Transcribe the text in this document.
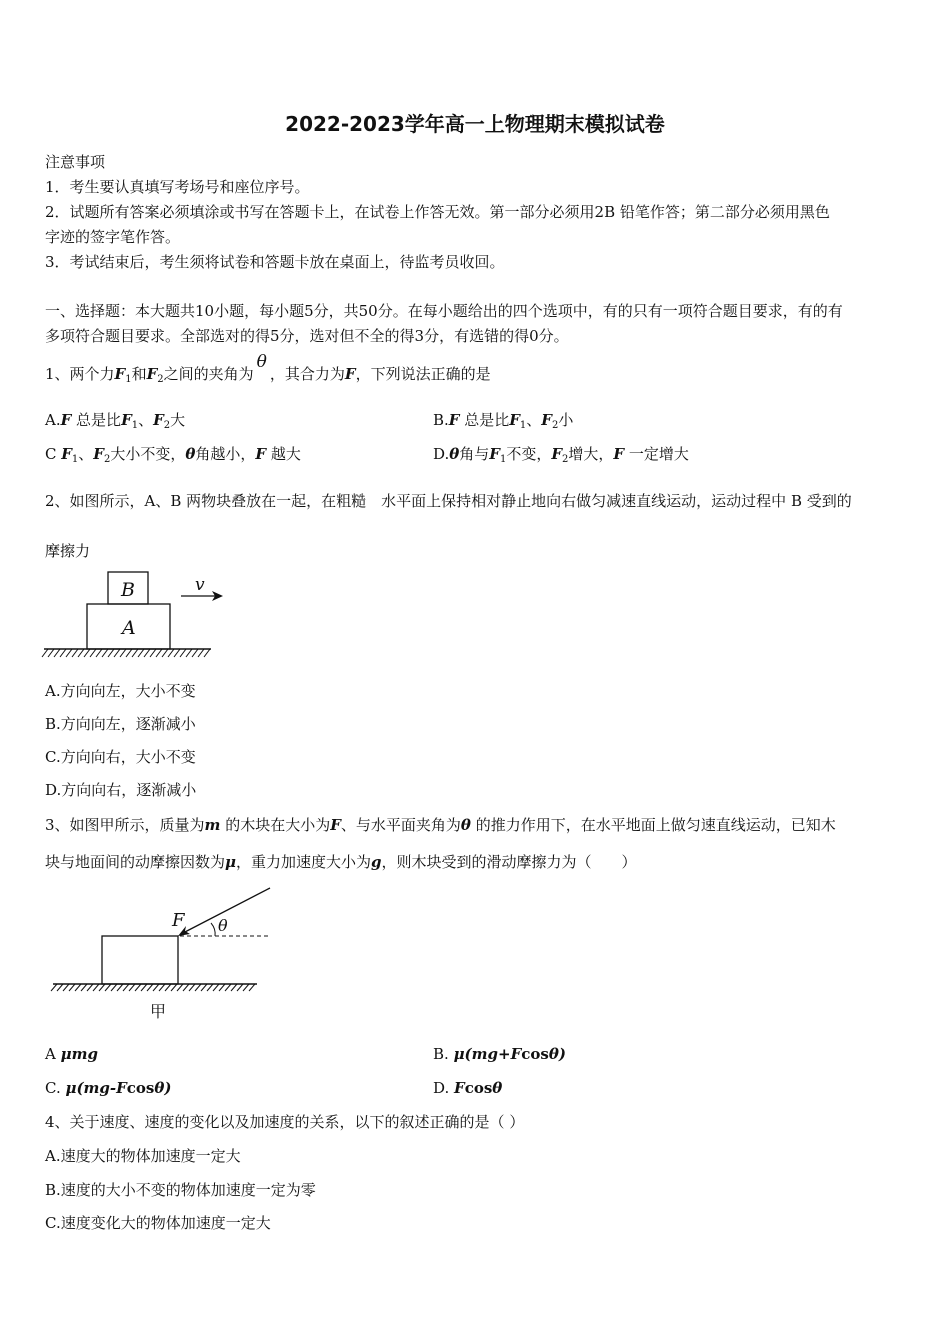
2022-2023学年高一上物理期末模拟试卷
注意事项
1．考生要认真填写考场号和座位序号。
2．试题所有答案必须填涂或书写在答题卡上，在试卷上作答无效。第一部分必须用2B 铅笔作答；第二部分必须用黑色
字迹的签字笔作答。
3．考试结束后，考生须将试卷和答题卡放在桌面上，待监考员收回。
一、选择题：本大题共10小题，每小题5分，共50分。在每小题给出的四个选项中，有的只有一项符合题目要求，有的有
多项符合题目要求。全部选对的得5分，选对但不全的得3分，有选错的得0分。
1、两个力$F_1$和$F_2$之间的夹角为θ，其合力为F，下列说法正确的是
A.F 总是比$F_1$、$F_2$大	B.F 总是比$F_1$、$F_2$小
C $F_1$、$F_2$大小不变，θ角越小，F 越大	D.θ角与$F_1$不变，$F_2$增大，F 一定增大
2、如图所示，A、B 两物块叠放在一起，在粗糙　水平面上保持相对静止地向右做匀减速直线运动，运动过程中 B 受到的
摩擦力
B
A
v
A.方向向左，大小不变
B.方向向左，逐渐减小
C.方向向右，大小不变
D.方向向右，逐渐减小
3、如图甲所示，质量为m 的木块在大小为F、与水平面夹角为θ 的推力作用下，在水平地面上做匀速直线运动，已知木
块与地面间的动摩擦因数为μ，重力加速度大小为g，则木块受到的滑动摩擦力为（　　）
F θ
甲
A μmg	B. μ(mg+Fcosθ)
C. μ(mg-Fcosθ)	D. Fcosθ
4、关于速度、速度的变化以及加速度的关系，以下的叙述正确的是（ ）
A.速度大的物体加速度一定大
B.速度的大小不变的物体加速度一定为零
C.速度变化大的物体加速度一定大
